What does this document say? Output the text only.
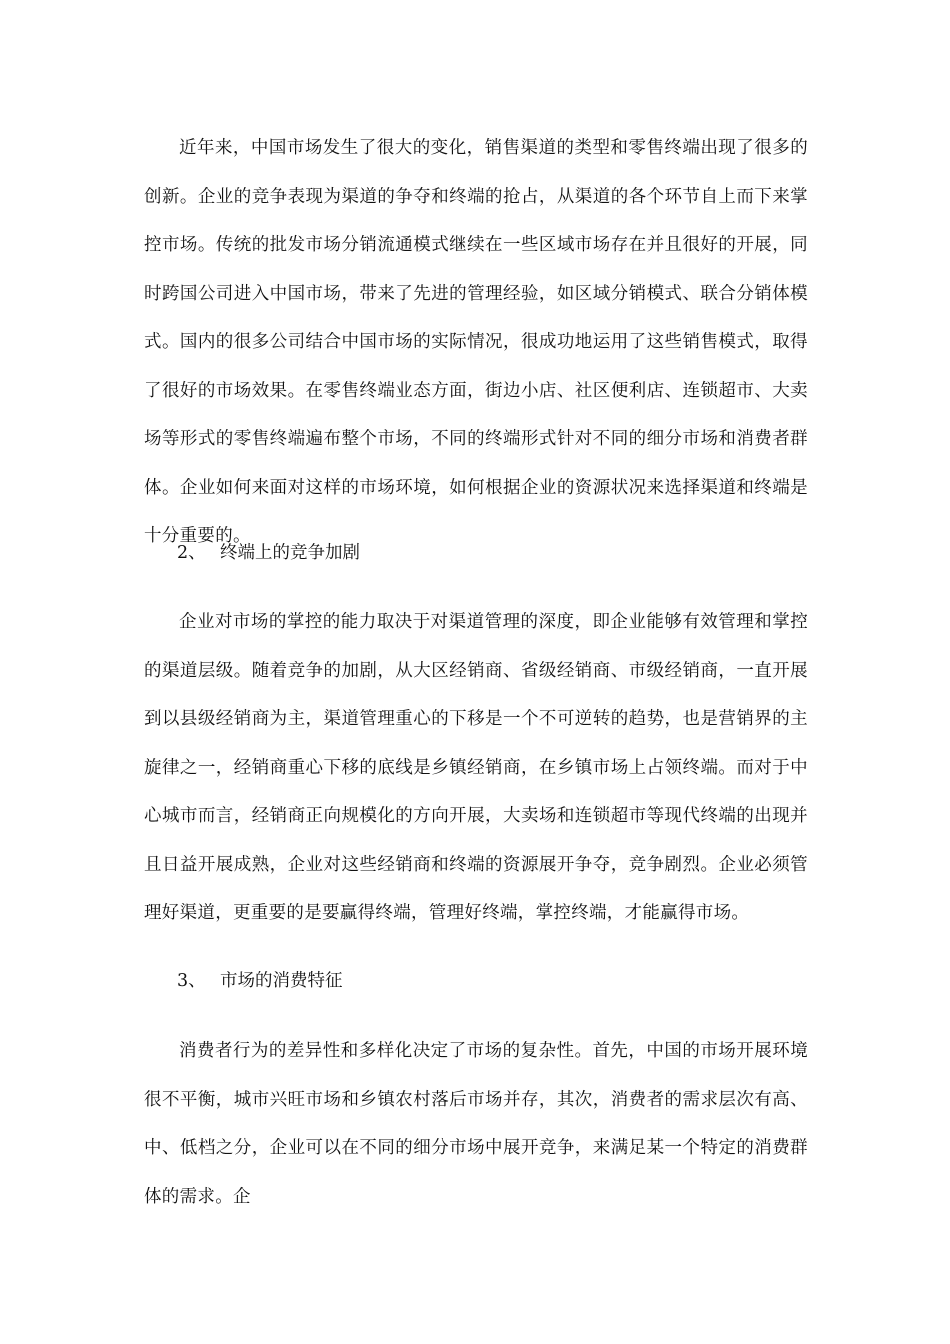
近年来，中国市场发生了很大的变化，销售渠道的类型和零售终端出现了很多的创新。企业的竞争表现为渠道的争夺和终端的抢占，从渠道的各个环节自上而下来掌控市场。传统的批发市场分销流通模式继续在一些区域市场存在并且很好的开展，同时跨国公司进入中国市场，带来了先进的管理经验，如区域分销模式、联合分销体模式。国内的很多公司结合中国市场的实际情况，很成功地运用了这些销售模式，取得了很好的市场效果。在零售终端业态方面，街边小店、社区便利店、连锁超市、大卖场等形式的零售终端遍布整个市场，不同的终端形式针对不同的细分市场和消费者群体。企业如何来面对这样的市场环境，如何根据企业的资源状况来选择渠道和终端是十分重要的。

2、 终端上的竞争加剧

企业对市场的掌控的能力取决于对渠道管理的深度，即企业能够有效管理和掌控的渠道层级。随着竞争的加剧，从大区经销商、省级经销商、市级经销商，一直开展到以县级经销商为主，渠道管理重心的下移是一个不可逆转的趋势，也是营销界的主旋律之一，经销商重心下移的底线是乡镇经销商，在乡镇市场上占领终端。而对于中心城市而言，经销商正向规模化的方向开展，大卖场和连锁超市等现代终端的出现并且日益开展成熟，企业对这些经销商和终端的资源展开争夺，竞争剧烈。企业必须管理好渠道，更重要的是要赢得终端，管理好终端，掌控终端，才能赢得市场。

3、 市场的消费特征

消费者行为的差异性和多样化决定了市场的复杂性。首先，中国的市场开展环境很不平衡，城市兴旺市场和乡镇农村落后市场并存，其次，消费者的需求层次有高、中、低档之分，企业可以在不同的细分市场中展开竞争，来满足某一个特定的消费群体的需求。企
